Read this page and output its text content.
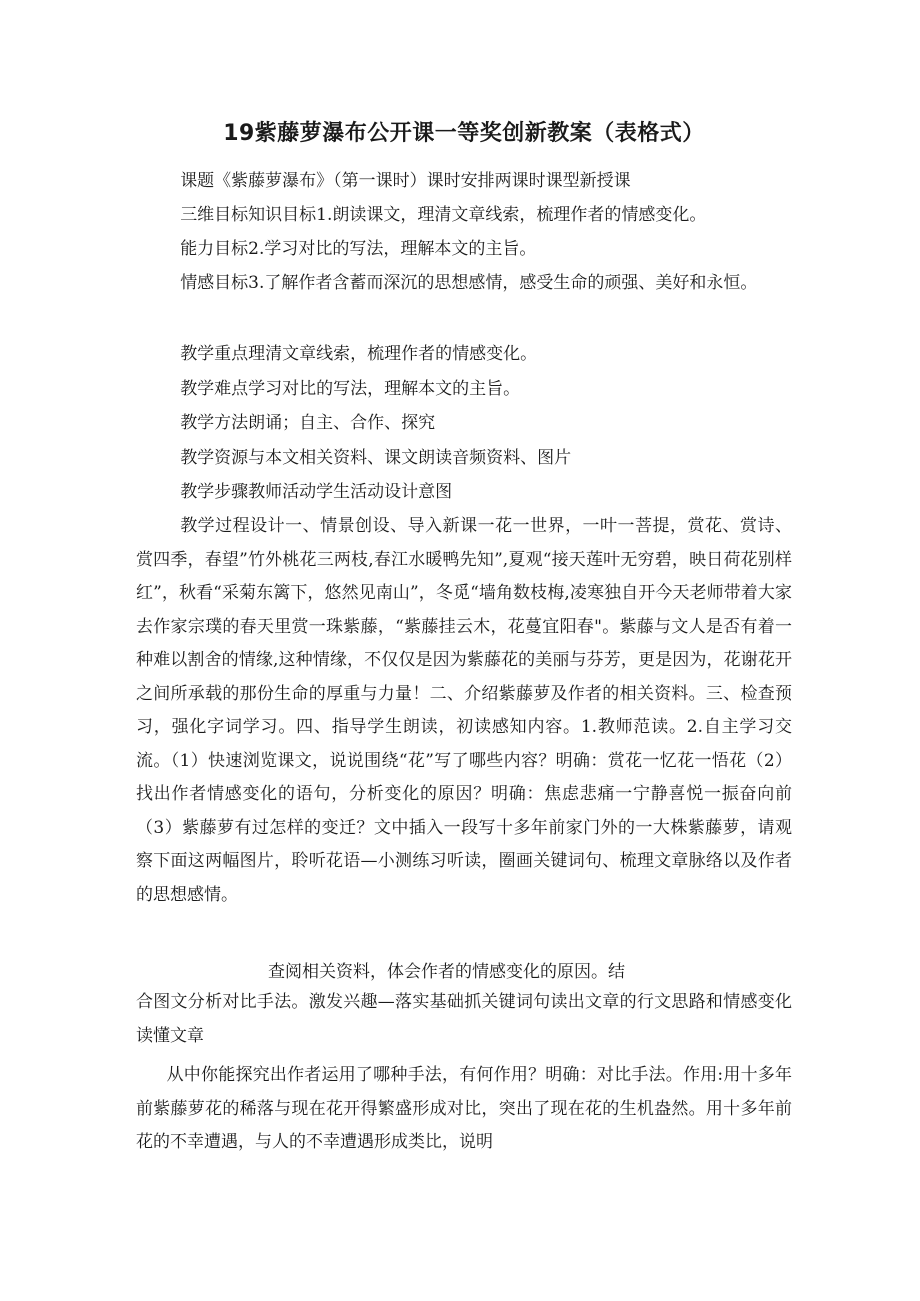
19紫藤萝瀑布公开课一等奖创新教案（表格式）

课题《紫藤萝瀑布》（第一课时）课时安排两课时课型新授课

三维目标知识目标1.朗读课文，理清文章线索，梳理作者的情感变化。

能力目标2.学习对比的写法，理解本文的主旨。

情感目标3.了解作者含蓄而深沉的思想感情，感受生命的顽强、美好和永恒。

教学重点理清文章线索，梳理作者的情感变化。

教学难点学习对比的写法，理解本文的主旨。

教学方法朗诵；自主、合作、探究

教学资源与本文相关资料、课文朗读音频资料、图片

教学步骤教师活动学生活动设计意图

教学过程设计一、情景创设、导入新课一花一世界，一叶一菩提，赏花、赏诗、赏四季，春望”竹外桃花三两枝,春江水暖鸭先知”,夏观“接天莲叶无穷碧，映日荷花别样红”，秋看“采菊东篱下，悠然见南山”，冬觅“墙角数枝梅,凌寒独自开今天老师带着大家去作家宗璞的春天里赏一珠紫藤，“紫藤挂云木，花蔓宜阳春"。紫藤与文人是否有着一种难以割舍的情缘,这种情缘，不仅仅是因为紫藤花的美丽与芬芳，更是因为，花谢花开之间所承载的那份生命的厚重与力量！二、介绍紫藤萝及作者的相关资料。三、检查预习，强化字词学习。四、指导学生朗读，初读感知内容。1.教师范读。2.自主学习交流。（1）快速浏览课文，说说围绕“花”写了哪些内容？明确：赏花一忆花一悟花（2）找出作者情感变化的语句，分析变化的原因？明确：焦虑悲痛一宁静喜悦一振奋向前（3）紫藤萝有过怎样的变迁？文中插入一段写十多年前家门外的一大株紫藤萝，请观察下面这两幅图片，聆听花语—小测练习听读，圈画关键词句、梳理文章脉络以及作者的思想感情。

查阅相关资料，体会作者的情感变化的原因。结

合图文分析对比手法。激发兴趣—落实基础抓关键词句读出文章的行文思路和情感变化读懂文章

从中你能探究出作者运用了哪种手法，有何作用？明确：对比手法。作用:用十多年前紫藤萝花的稀落与现在花开得繁盛形成对比，突出了现在花的生机盎然。用十多年前花的不幸遭遇，与人的不幸遭遇形成类比，说明
